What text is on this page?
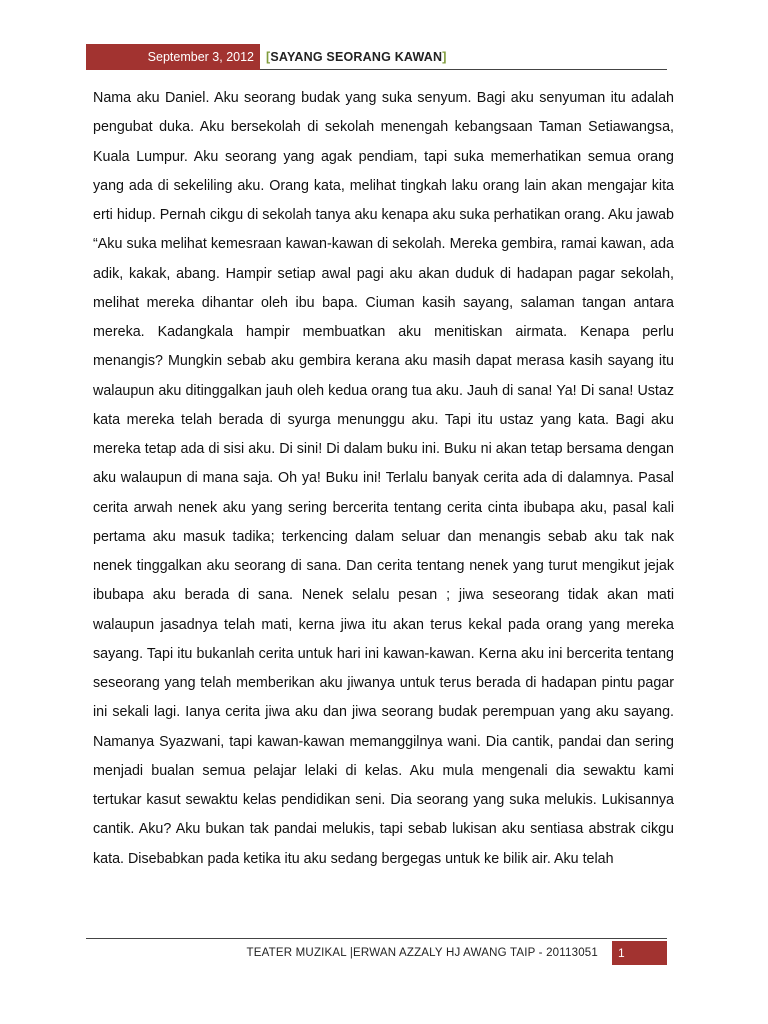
September 3, 2012 [SAYANG SEORANG KAWAN]

Nama aku Daniel. Aku seorang budak yang suka senyum. Bagi aku senyuman itu adalah pengubat duka. Aku bersekolah di sekolah menengah kebangsaan Taman Setiawangsa, Kuala Lumpur. Aku seorang yang agak pendiam, tapi suka memerhatikan semua orang yang ada di sekeliling aku. Orang kata, melihat tingkah laku orang lain akan mengajar kita erti hidup. Pernah cikgu di sekolah tanya aku kenapa aku suka perhatikan orang. Aku jawab “Aku suka melihat kemesraan kawan-kawan di sekolah. Mereka gembira, ramai kawan, ada adik, kakak, abang. Hampir setiap awal pagi aku akan duduk di hadapan pagar sekolah, melihat mereka dihantar oleh ibu bapa. Ciuman kasih sayang, salaman tangan antara mereka. Kadangkala hampir membuatkan aku menitiskan airmata. Kenapa perlu menangis? Mungkin sebab aku gembira kerana aku masih dapat merasa kasih sayang itu walaupun aku ditinggalkan jauh oleh kedua orang tua aku. Jauh di sana! Ya! Di sana! Ustaz kata mereka telah berada di syurga menunggu aku. Tapi itu ustaz yang kata. Bagi aku mereka tetap ada di sisi aku. Di sini! Di dalam buku ini. Buku ni akan tetap bersama dengan aku walaupun di mana saja. Oh ya! Buku ini! Terlalu banyak cerita ada di dalamnya. Pasal cerita arwah nenek aku yang sering bercerita tentang cerita cinta ibubapa aku, pasal kali pertama aku masuk tadika; terkencing dalam seluar dan menangis sebab aku tak nak nenek tinggalkan aku seorang di sana. Dan cerita tentang nenek yang turut mengikut jejak ibubapa aku berada di sana. Nenek selalu pesan ; jiwa seseorang tidak akan mati walaupun jasadnya telah mati, kerna jiwa itu akan terus kekal pada orang yang mereka sayang. Tapi itu bukanlah cerita untuk hari ini kawan-kawan. Kerna aku ini bercerita tentang seseorang yang telah memberikan aku jiwanya untuk terus berada di hadapan pintu pagar ini sekali lagi. Ianya cerita jiwa aku dan jiwa seorang budak perempuan yang aku sayang. Namanya Syazwani, tapi kawan-kawan memanggilnya wani. Dia cantik, pandai dan sering menjadi bualan semua pelajar lelaki di kelas. Aku mula mengenali dia sewaktu kami tertukar kasut sewaktu kelas pendidikan seni. Dia seorang yang suka melukis. Lukisannya cantik. Aku? Aku bukan tak pandai melukis, tapi sebab lukisan aku sentiasa abstrak cikgu kata. Disebabkan pada ketika itu aku sedang bergegas untuk ke bilik air. Aku telah

TEATER MUZIKAL |ERWAN AZZALY HJ AWANG TAIP - 20113051	1
